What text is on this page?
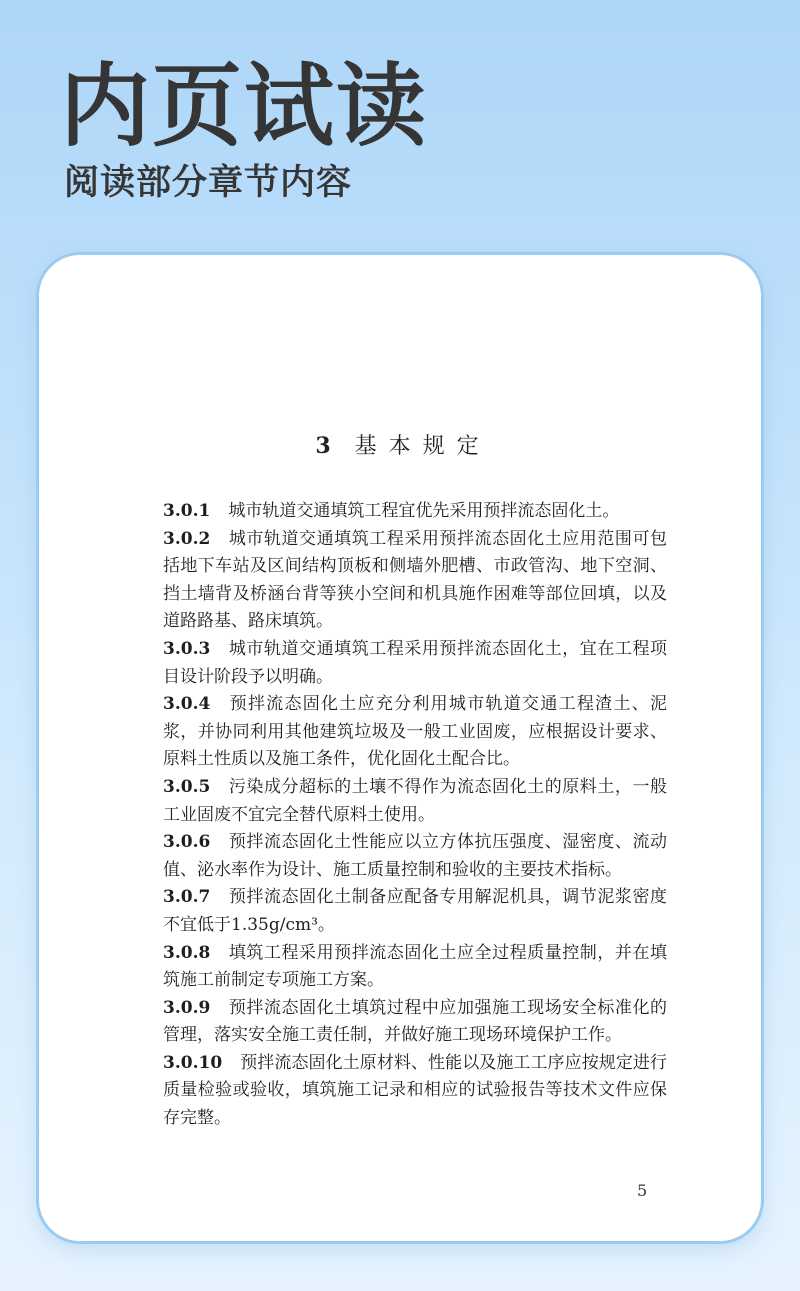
内页试读
阅读部分章节内容
3 基本规定

3.0.1 城市轨道交通填筑工程宜优先采用预拌流态固化土。

3.0.2 城市轨道交通填筑工程采用预拌流态固化土应用范围可包括地下车站及区间结构顶板和侧墙外肥槽、市政管沟、地下空洞、挡土墙背及桥涵台背等狭小空间和机具施作困难等部位回填，以及道路路基、路床填筑。

3.0.3 城市轨道交通填筑工程采用预拌流态固化土，宜在工程项目设计阶段予以明确。

3.0.4 预拌流态固化土应充分利用城市轨道交通工程渣土、泥浆，并协同利用其他建筑垃圾及一般工业固废，应根据设计要求、原料土性质以及施工条件，优化固化土配合比。

3.0.5 污染成分超标的土壤不得作为流态固化土的原料土，一般工业固废不宜完全替代原料土使用。

3.0.6 预拌流态固化土性能应以立方体抗压强度、湿密度、流动值、泌水率作为设计、施工质量控制和验收的主要技术指标。

3.0.7 预拌流态固化土制备应配备专用解泥机具，调节泥浆密度不宜低于1.35g/cm³。

3.0.8 填筑工程采用预拌流态固化土应全过程质量控制，并在填筑施工前制定专项施工方案。

3.0.9 预拌流态固化土填筑过程中应加强施工现场安全标准化的管理，落实安全施工责任制，并做好施工现场环境保护工作。

3.0.10 预拌流态固化土原材料、性能以及施工工序应按规定进行质量检验或验收，填筑施工记录和相应的试验报告等技术文件应保存完整。

5
